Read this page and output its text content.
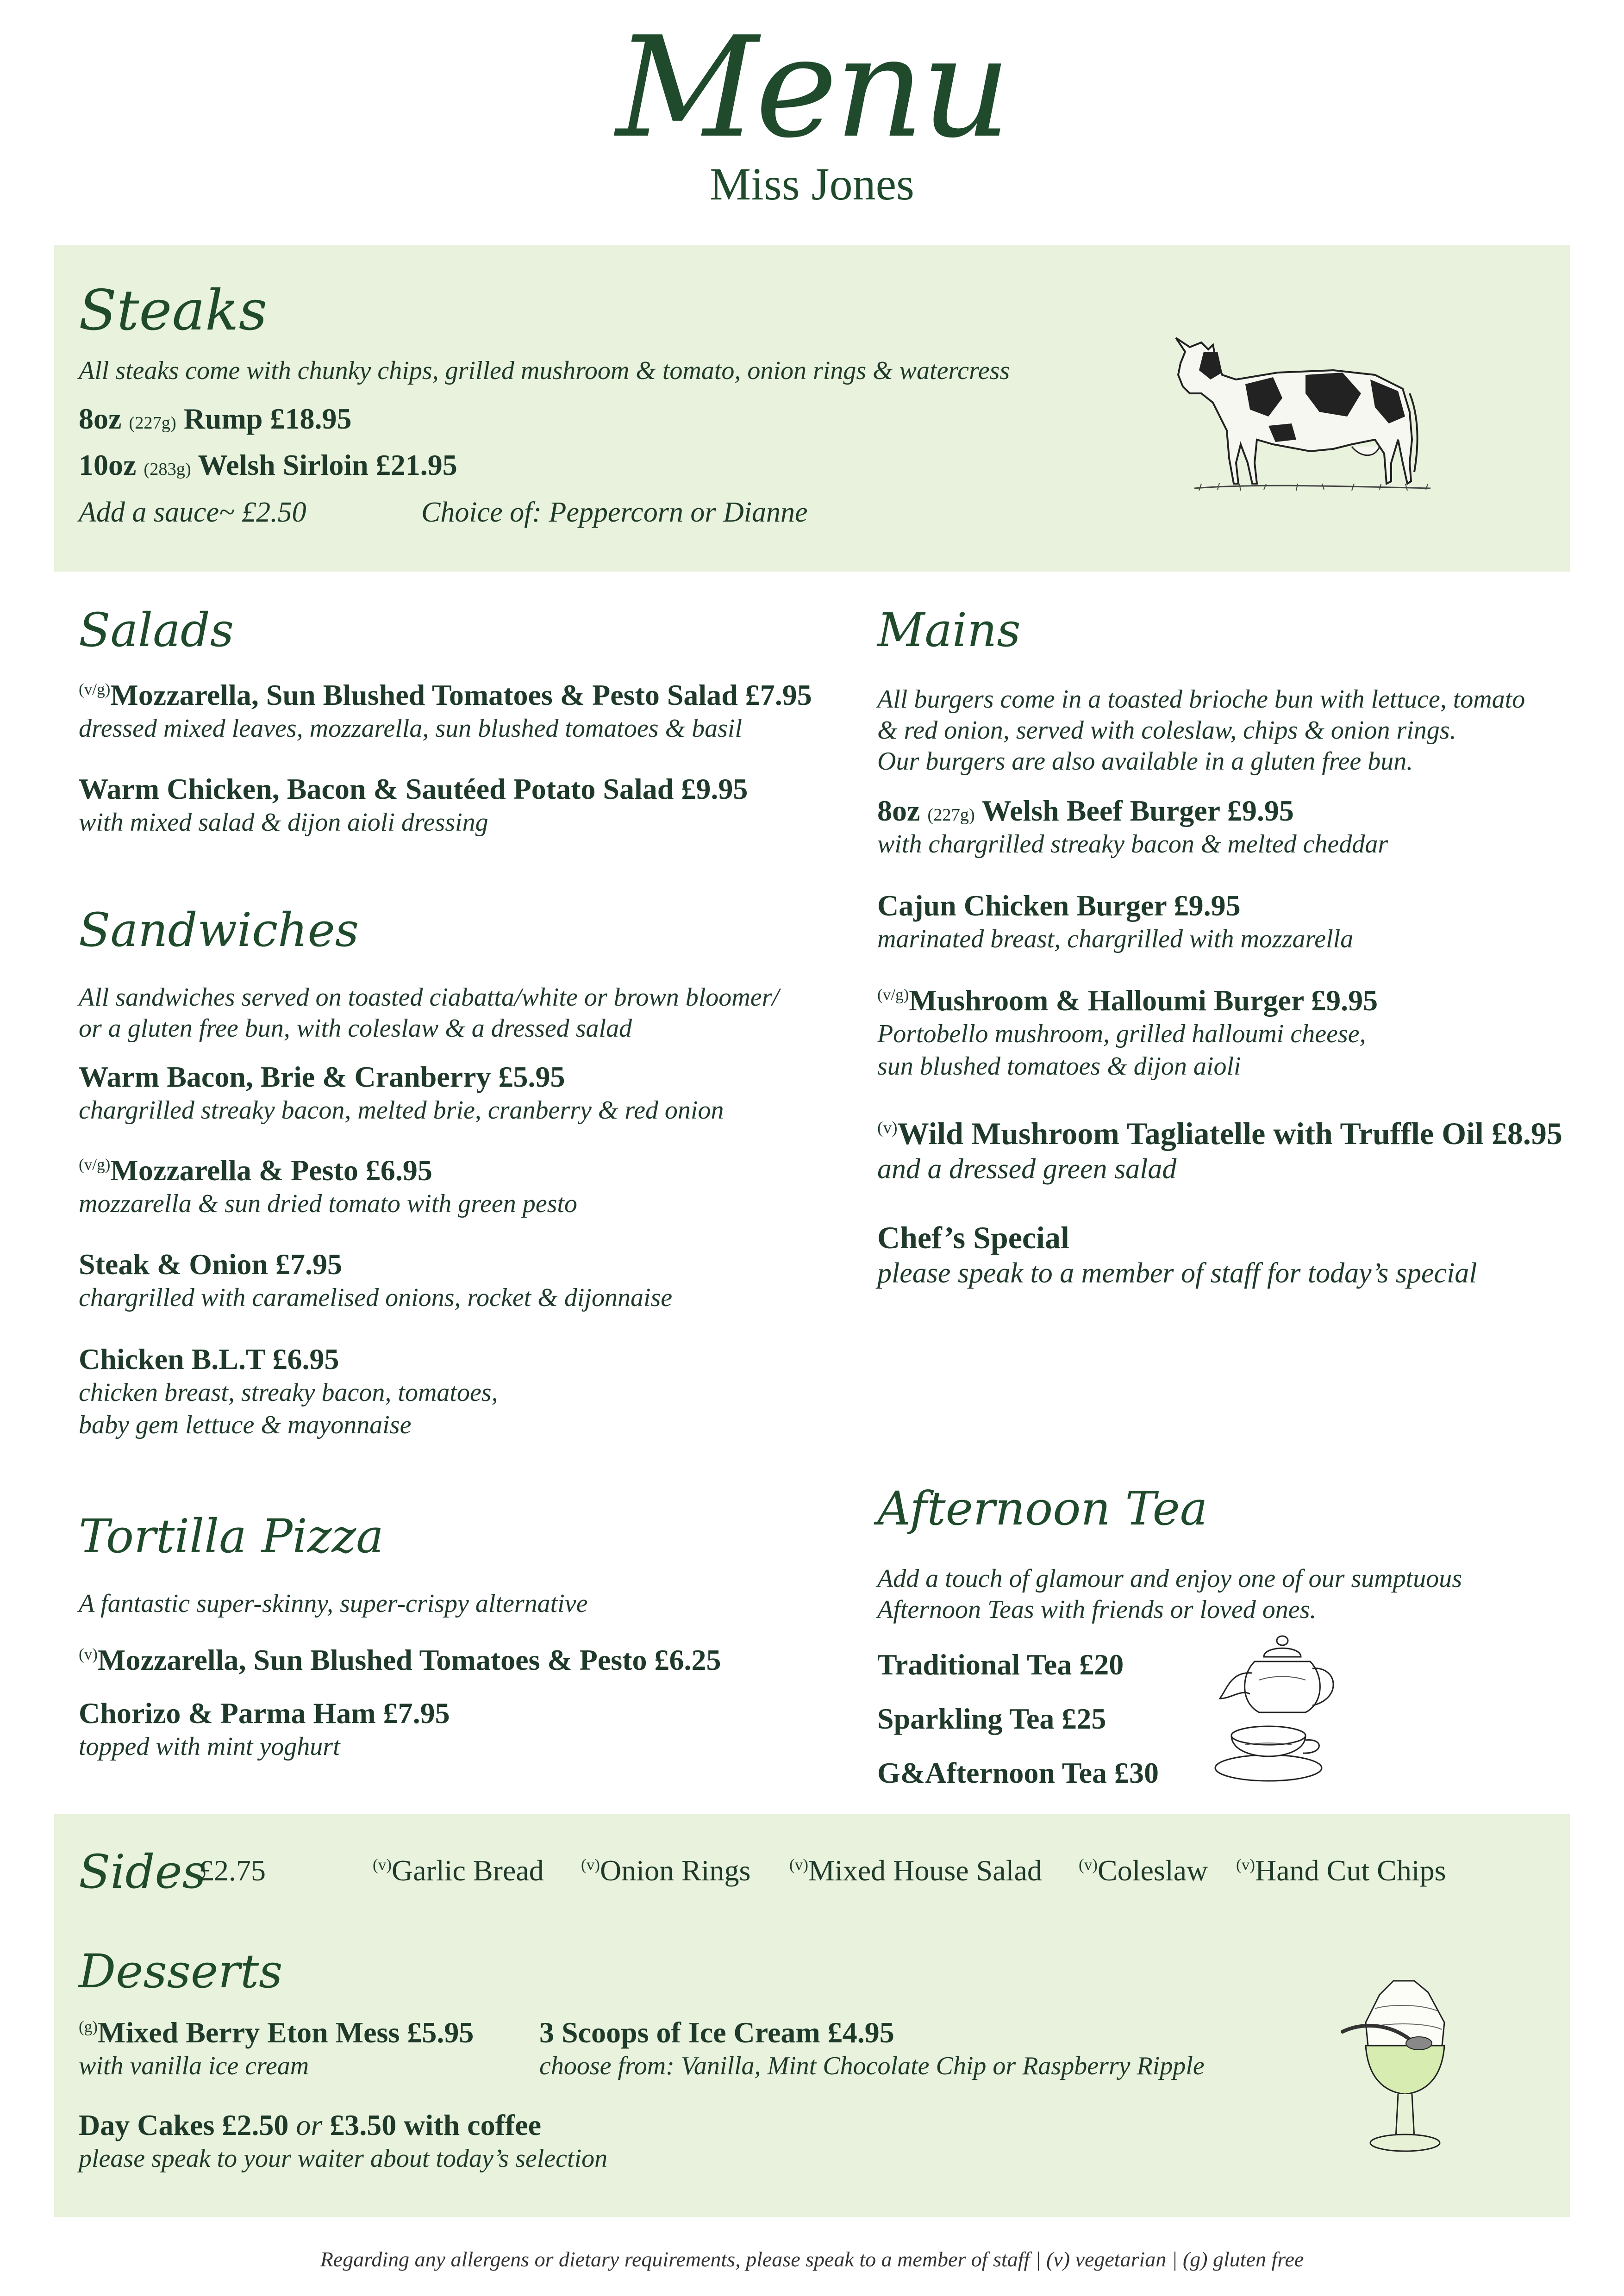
Menu
Miss Jones
Steaks
All steaks come with chunky chips, grilled mushroom & tomato, onion rings & watercress
8oz (227g) Rump £18.95
10oz (283g) Welsh Sirloin £21.95
Add a sauce~ £2.50	Choice of: Peppercorn or Dianne
Salads
$^{(v/g)}$Mozzarella, Sun Blushed Tomatoes & Pesto Salad £7.95
dressed mixed leaves, mozzarella, sun blushed tomatoes & basil
Warm Chicken, Bacon & Sautéed Potato Salad £9.95
with mixed salad & dijon aioli dressing
Sandwiches
All sandwiches served on toasted ciabatta/white or brown bloomer/
or a gluten free bun, with coleslaw & a dressed salad
Warm Bacon, Brie & Cranberry £5.95
chargrilled streaky bacon, melted brie, cranberry & red onion
$^{(v/g)}$Mozzarella & Pesto £6.95
mozzarella & sun dried tomato with green pesto
Steak & Onion £7.95
chargrilled with caramelised onions, rocket & dijonnaise
Chicken B.L.T £6.95
chicken breast, streaky bacon, tomatoes,
baby gem lettuce & mayonnaise
Tortilla Pizza
A fantastic super-skinny, super-crispy alternative
$^{(v)}$Mozzarella, Sun Blushed Tomatoes & Pesto £6.25
Chorizo & Parma Ham £7.95
topped with mint yoghurt
Mains
All burgers come in a toasted brioche bun with lettuce, tomato
& red onion, served with coleslaw, chips & onion rings.
Our burgers are also available in a gluten free bun.
8oz (227g) Welsh Beef Burger £9.95
with chargrilled streaky bacon & melted cheddar
Cajun Chicken Burger £9.95
marinated breast, chargrilled with mozzarella
$^{(v/g)}$Mushroom & Halloumi Burger £9.95
Portobello mushroom, grilled halloumi cheese,
sun blushed tomatoes & dijon aioli
$^{(v)}$Wild Mushroom Tagliatelle with Truffle Oil £8.95
and a dressed green salad
Chef’s Special
please speak to a member of staff for today’s special
Afternoon Tea
Add a touch of glamour and enjoy one of our sumptuous
Afternoon Teas with friends or loved ones.
Traditional Tea £20
Sparkling Tea £25
G&Afternoon Tea £30
Sides
£2.75	$^{(v)}$Garlic Bread $^{(v)}$Onion Rings $^{(v)}$Mixed House Salad $^{(v)}$Coleslaw $^{(v)}$Hand Cut Chips
Desserts
$^{(g)}$Mixed Berry Eton Mess £5.95
with vanilla ice cream
3 Scoops of Ice Cream £4.95
choose from: Vanilla, Mint Chocolate Chip or Raspberry Ripple
Day Cakes £2.50 or £3.50 with coffee
please speak to your waiter about today’s selection
Regarding any allergens or dietary requirements, please speak to a member of staff | (v) vegetarian | (g) gluten free
